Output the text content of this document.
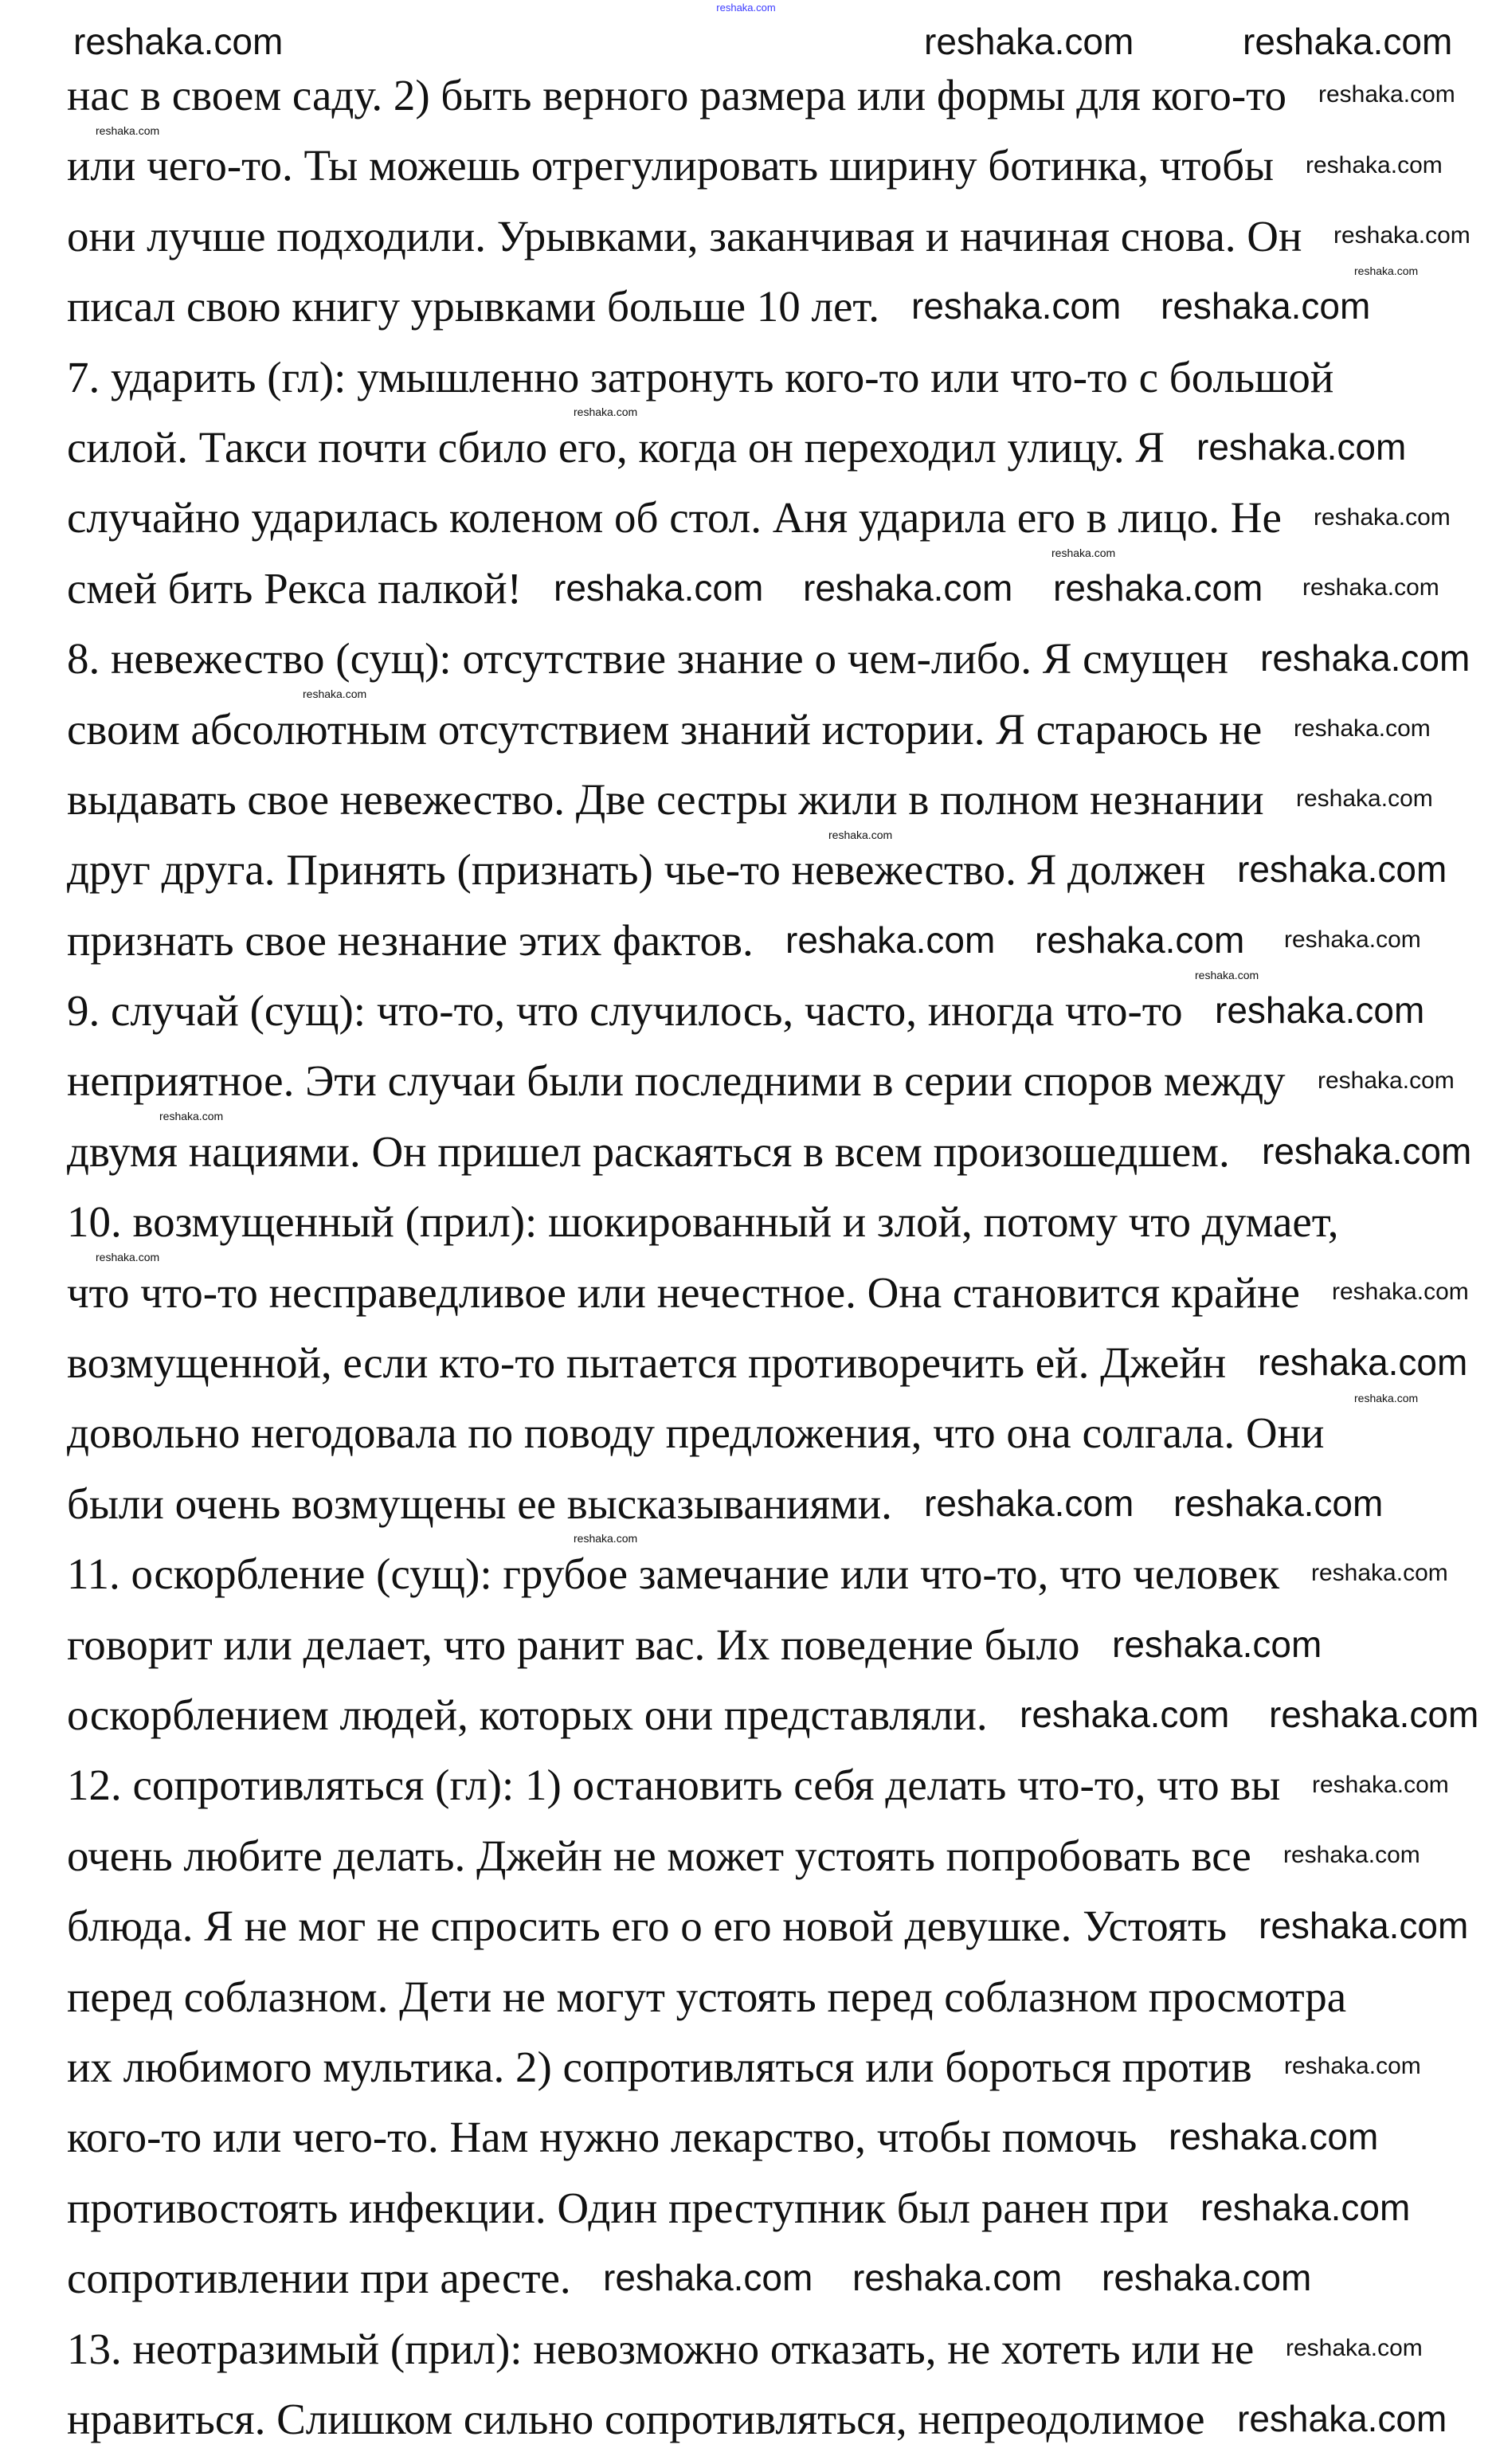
reshaka.com
нас в своем саду. 2) быть верного размера или формы для кого-то
или чего-то. Ты можешь отрегулировать ширину ботинка, чтобы
они лучше подходили. Урывками, заканчивая и начиная снова. Он
писал свою книгу урывками больше 10 лет.
7. ударить (гл): умышленно затронуть кого-то или что-то с большой
силой. Такси почти сбило его, когда он переходил улицу. Я
случайно ударилась коленом об стол. Аня ударила его в лицо. Не
смей бить Рекса палкой!
8. невежество (сущ): отсутствие знание о чем-либо. Я смущен
своим абсолютным отсутствием знаний истории. Я стараюсь не
выдавать свое невежество. Две сестры жили в полном незнании
друг друга. Принять (признать) чье-то невежество. Я должен
признать свое незнание этих фактов.
9. случай (сущ): что-то, что случилось, часто, иногда что-то
неприятное. Эти случаи были последними в серии споров между
двумя нациями. Он пришел раскаяться в всем произошедшем.
10. возмущенный (прил): шокированный и злой, потому что думает,
что что-то несправедливое или нечестное. Она становится крайне
возмущенной, если кто-то пытается противоречить ей. Джейн
довольно негодовала по поводу предложения, что она солгала. Они
были очень возмущены ее высказываниями.
11. оскорбление (сущ): грубое замечание или что-то, что человек
говорит или делает, что ранит вас. Их поведение было
оскорблением людей, которых они представляли.
12. сопротивляться (гл): 1) остановить себя делать что-то, что вы
очень любите делать. Джейн не может устоять попробовать все
блюда. Я не мог не спросить его о его новой девушке. Устоять
перед соблазном. Дети не могут устоять перед соблазном просмотра
их любимого мультика. 2) сопротивляться или бороться против
кого-то или чего-то. Нам нужно лекарство, чтобы помочь
противостоять инфекции. Один преступник был ранен при
сопротивлении при аресте.
13. неотразимый (прил): невозможно отказать, не хотеть или не
нравиться. Слишком сильно сопротивляться, непреодолимое
reshaka.com	reshaka.com	reshaka.com
reshaka.com
reshaka.com
reshaka.com
reshaka.com reshaka.com
reshaka.com
reshaka.com
reshaka.com reshaka.com reshaka.com reshaka.com
reshaka.com
reshaka.com
reshaka.com
reshaka.com
reshaka.com reshaka.com reshaka.com
reshaka.com
reshaka.com
reshaka.com
reshaka.com
reshaka.com
reshaka.com reshaka.com
reshaka.com
reshaka.com
reshaka.com reshaka.com
reshaka.com
reshaka.com
reshaka.com
reshaka.com
reshaka.com
reshaka.com
reshaka.com reshaka.com reshaka.com
reshaka.com
reshaka.com
reshaka.com
reshaka.com
reshaka.com
reshaka.com
reshaka.com
reshaka.com
reshaka.com
reshaka.com
reshaka.com
reshaka.com
reshaka.com
